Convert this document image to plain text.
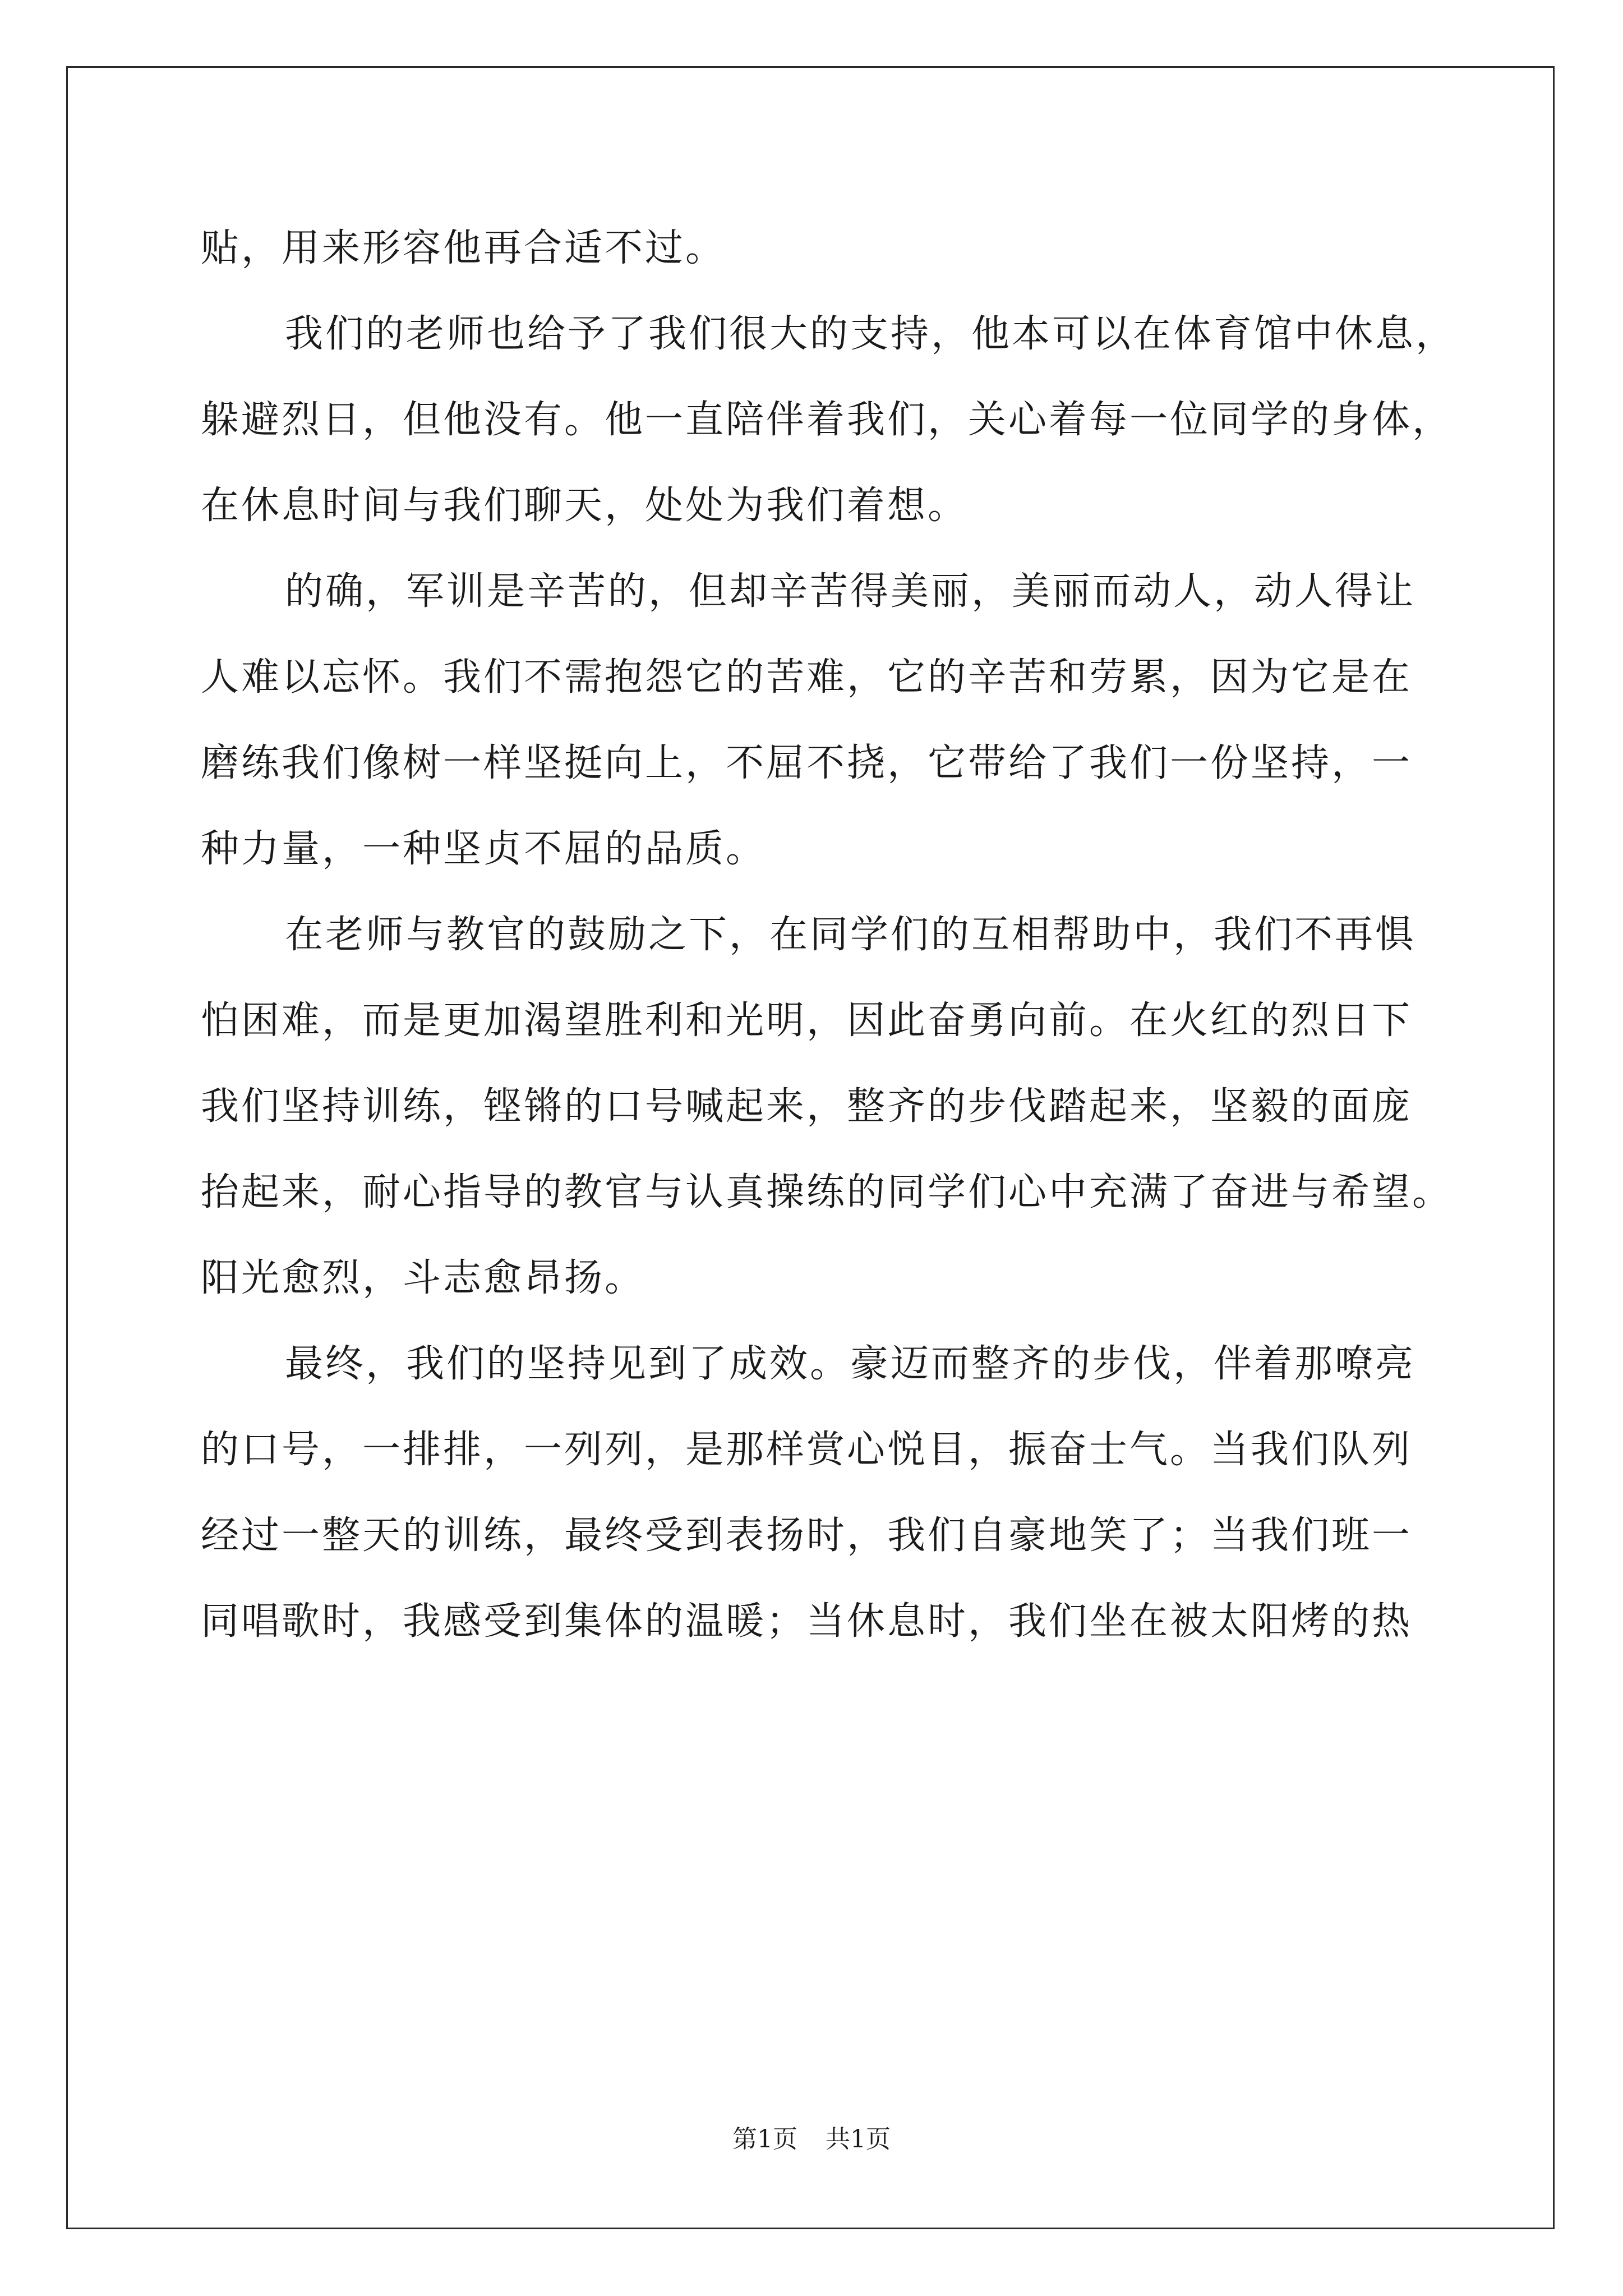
贴，用来形容他再合适不过。
我们的老师也给予了我们很大的支持，他本可以在体育馆中休息，
躲避烈日，但他没有。他一直陪伴着我们，关心着每一位同学的身体，
在休息时间与我们聊天，处处为我们着想。
的确，军训是辛苦的，但却辛苦得美丽，美丽而动人，动人得让
人难以忘怀。我们不需抱怨它的苦难，它的辛苦和劳累，因为它是在
磨练我们像树一样坚挺向上，不屈不挠，它带给了我们一份坚持，一
种力量，一种坚贞不屈的品质。
在老师与教官的鼓励之下，在同学们的互相帮助中，我们不再惧
怕困难，而是更加渴望胜利和光明，因此奋勇向前。在火红的烈日下
我们坚持训练，铿锵的口号喊起来，整齐的步伐踏起来，坚毅的面庞
抬起来，耐心指导的教官与认真操练的同学们心中充满了奋进与希望。
阳光愈烈，斗志愈昂扬。
最终，我们的坚持见到了成效。豪迈而整齐的步伐，伴着那嘹亮
的口号，一排排，一列列，是那样赏心悦目，振奋士气。当我们队列
经过一整天的训练，最终受到表扬时，我们自豪地笑了；当我们班一
同唱歌时，我感受到集体的温暖；当休息时，我们坐在被太阳烤的热
第1页 共1页
